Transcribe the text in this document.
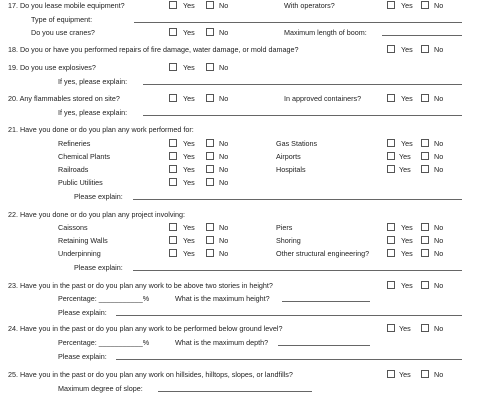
17. Do you lease mobile equipment?	Yes	No	With operators?	Yes	No
Type of equipment:
Do you use cranes?	Yes	No	Maximum length of boom:
18. Do you or have you performed repairs of fire damage, water damage, or mold damage?	Yes	No
19. Do you use explosives?	Yes	No
If yes, please explain:
20. Any flammables stored on site?	Yes	No	In approved containers?	Yes	No
If yes, please explain:
21. Have you done or do you plan any work performed for:
Refineries	Yes	No	Gas Stations	Yes	No
Chemical Plants	Yes	No	Airports	Yes	No
Railroads	Yes	No	Hospitals	Yes	No
Public Utilities	Yes	No
Please explain:
22. Have you done or do you plan any project involving:
Caissons	Yes	No	Piers	Yes	No
Retaining Walls	Yes	No	Shoring	Yes	No
Underpinning	Yes	No	Other structural engineering?	Yes	No
Please explain:
23. Have you in the past or do you plan any work to be above two stories in height?	Yes	No
Percentage: ___________%	What is the maximum height?
Please explain:
24. Have you in the past or do you plan any work to be performed below ground level?	Yes	No
Percentage: ___________%	What is the maximum depth?
Please explain:
25. Have you in the past or do you plan any work on hillsides, hilltops, slopes, or landfills?	Yes	No
Maximum degree of slope:
